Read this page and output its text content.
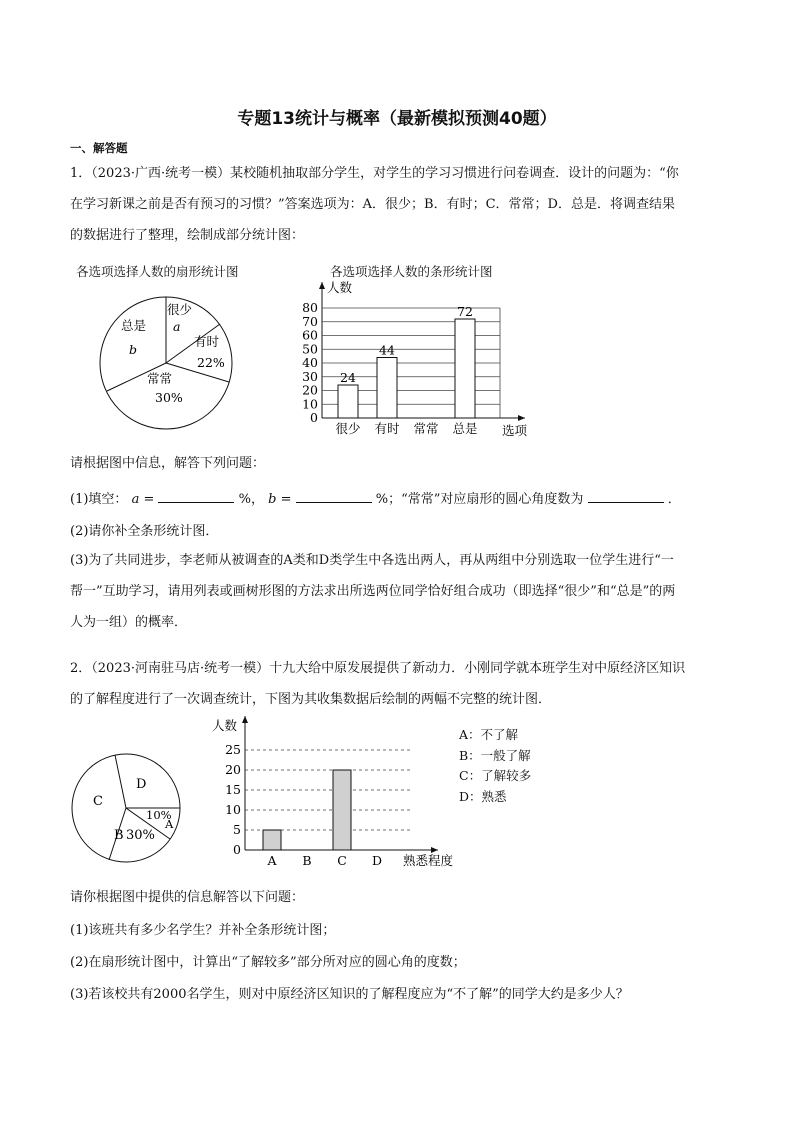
专题13统计与概率（最新模拟预测40题）
一、解答题
1．（2023·广西·统考一模）某校随机抽取部分学生，对学生的学习习惯进行问卷调查．设计的问题为：“你
在学习新课之前是否有预习的习惯？”答案选项为：A．很少；B．有时；C．常常；D．总是．将调查结果
的数据进行了整理，绘制成部分统计图：
各选项选择人数的扇形统计图	各选项选择人数的条形统计图
很少
a
有时
22%
常常
30%
总是
b
0
10
20
30
40
50
60
70
80
24
很少
44
有时 常常
72
总是
人数
选项
请根据图中信息，解答下列问题：
(1)填空： a =	%， b =	%；“常常”对应扇形的圆心角度数为	．
(2)请你补全条形统计图．
(3)为了共同进步，李老师从被调查的A类和D类学生中各选出两人，再从两组中分别选取一位学生进行“一
帮一”互助学习，请用列表或画树形图的方法求出所选两位同学恰好组合成功（即选择“很少”和“总是”的两
人为一组）的概率．
2．（2023·河南驻马店·统考一模）十九大给中原发展提供了新动力．小刚同学就本班学生对中原经济区知识
的了解程度进行了一次调查统计，下图为其收集数据后绘制的两幅不完整的统计图．
D
C
10%
A
B 30%
0
5
10
15
20
25
A B C D
人数
熟悉程度
A：不了解
B：一般了解
C：了解较多
D：熟悉
请你根据图中提供的信息解答以下问题：
(1)该班共有多少名学生？并补全条形统计图；
(2)在扇形统计图中，计算出“了解较多”部分所对应的圆心角的度数；
(3)若该校共有2000名学生，则对中原经济区知识的了解程度应为“不了解”的同学大约是多少人？
